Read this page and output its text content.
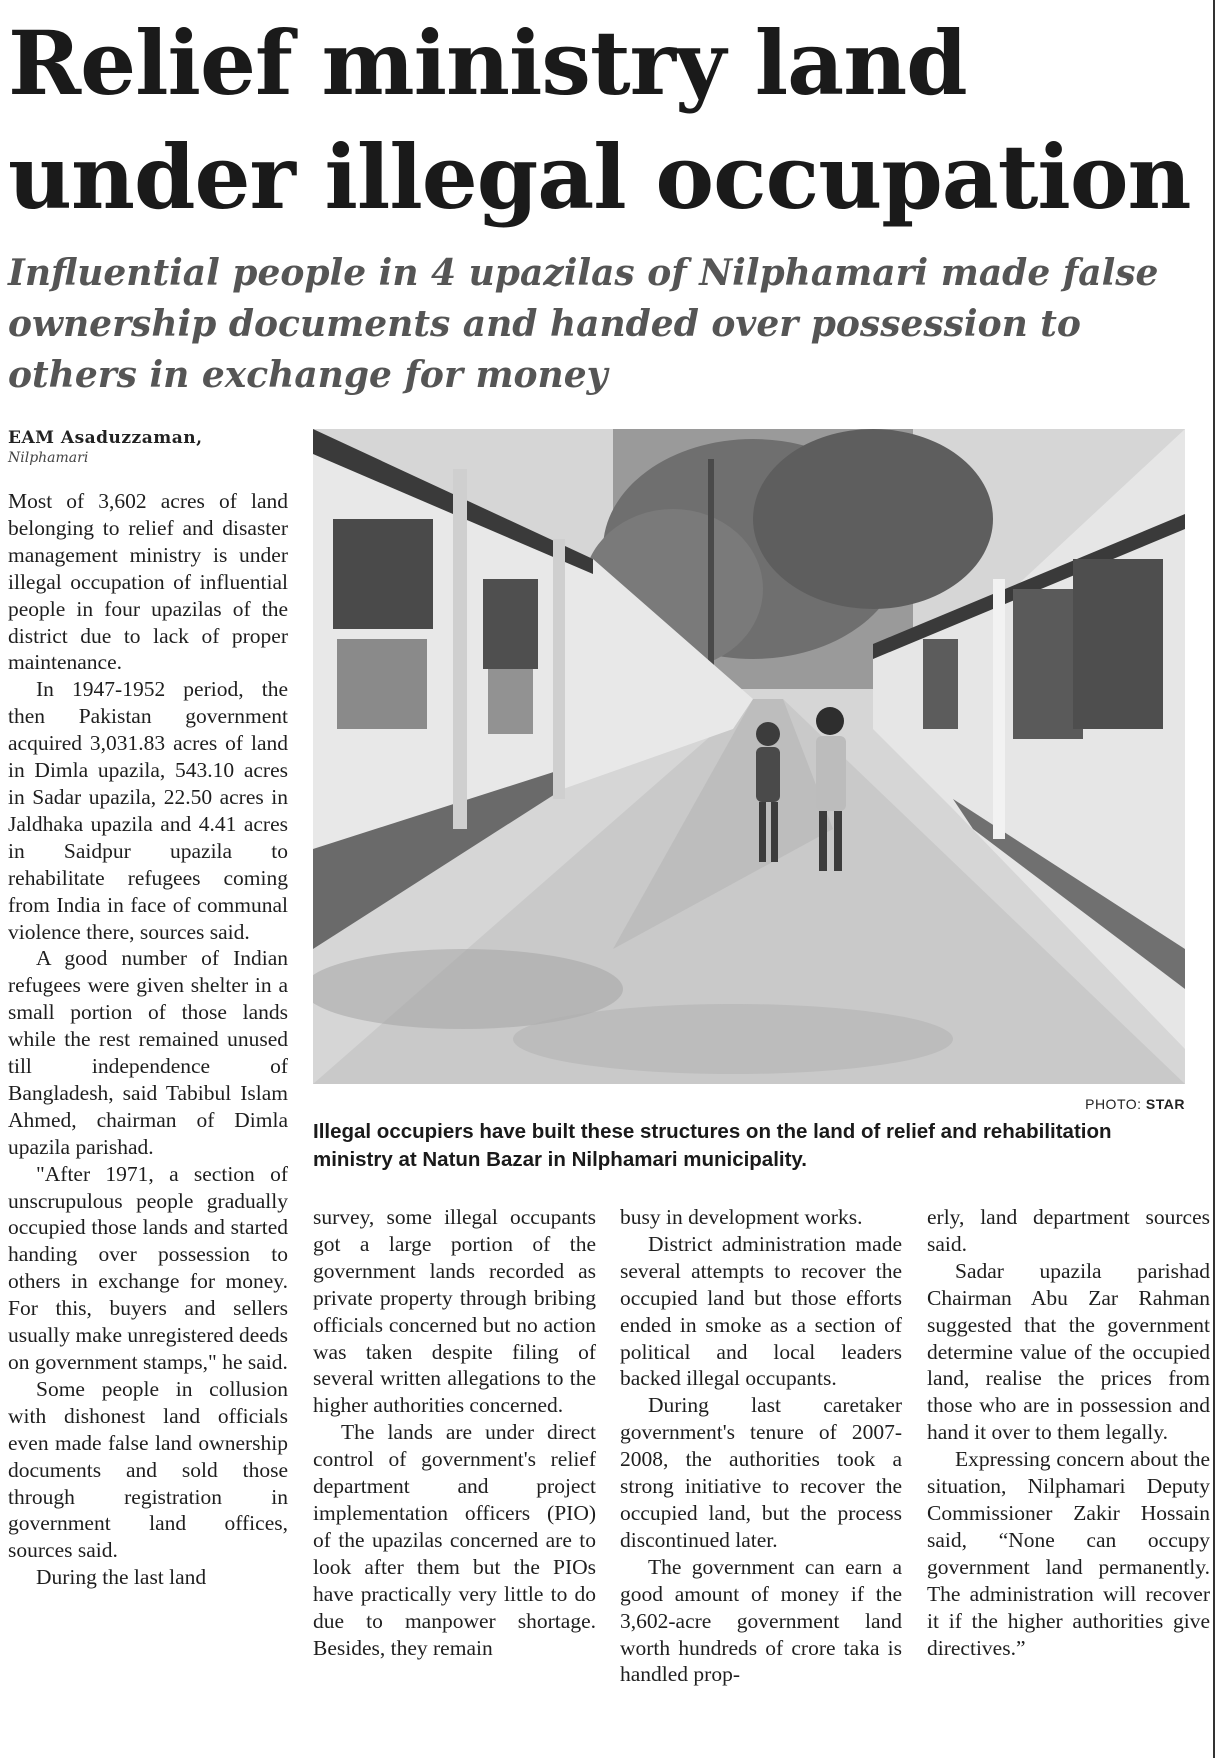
Relief ministry land under illegal occupation
Influential people in 4 upazilas of Nilphamari made false ownership documents and handed over possession to others in exchange for money
EAM Asaduzzaman,
Nilphamari

Most of 3,602 acres of land belonging to relief and disaster management ministry is under illegal occupation of influential people in four upazilas of the district due to lack of proper maintenance.

In 1947-1952 period, the then Pakistan government acquired 3,031.83 acres of land in Dimla upazila, 543.10 acres in Sadar upazila, 22.50 acres in Jaldhaka upazila and 4.41 acres in Saidpur upazila to rehabilitate refugees coming from India in face of communal violence there, sources said.

A good number of Indian refugees were given shelter in a small portion of those lands while the rest remained unused till independence of Bangladesh, said Tabibul Islam Ahmed, chairman of Dimla upazila parishad.

"After 1971, a section of unscrupulous people gradually occupied those lands and started handing over possession to others in exchange for money. For this, buyers and sellers usually make unregistered deeds on government stamps," he said.

Some people in collusion with dishonest land officials even made false land ownership documents and sold those through registration in government land offices, sources said.

During the last land

PHOTO: STAR

Illegal occupiers have built these structures on the land of relief and rehabilitation ministry at Natun Bazar in Nilphamari municipality.

survey, some illegal occupants got a large portion of the government lands recorded as private property through bribing officials concerned but no action was taken despite filing of several written allegations to the higher authorities concerned.

The lands are under direct control of government's relief department and project implementation officers (PIO) of the upazilas concerned are to look after them but the PIOs have practically very little to do due to manpower shortage. Besides, they remain

busy in development works.

District administration made several attempts to recover the occupied land but those efforts ended in smoke as a section of political and local leaders backed illegal occupants.

During last caretaker government's tenure of 2007-2008, the authorities took a strong initiative to recover the occupied land, but the process discontinued later.

The government can earn a good amount of money if the 3,602-acre government land worth hundreds of crore taka is handled prop-

erly, land department sources said.

Sadar upazila parishad Chairman Abu Zar Rahman suggested that the government determine value of the occupied land, realise the prices from those who are in possession and hand it over to them legally.

Expressing concern about the situation, Nilphamari Deputy Commissioner Zakir Hossain said, “None can occupy government land permanently. The administration will recover it if the higher authorities give directives.”
